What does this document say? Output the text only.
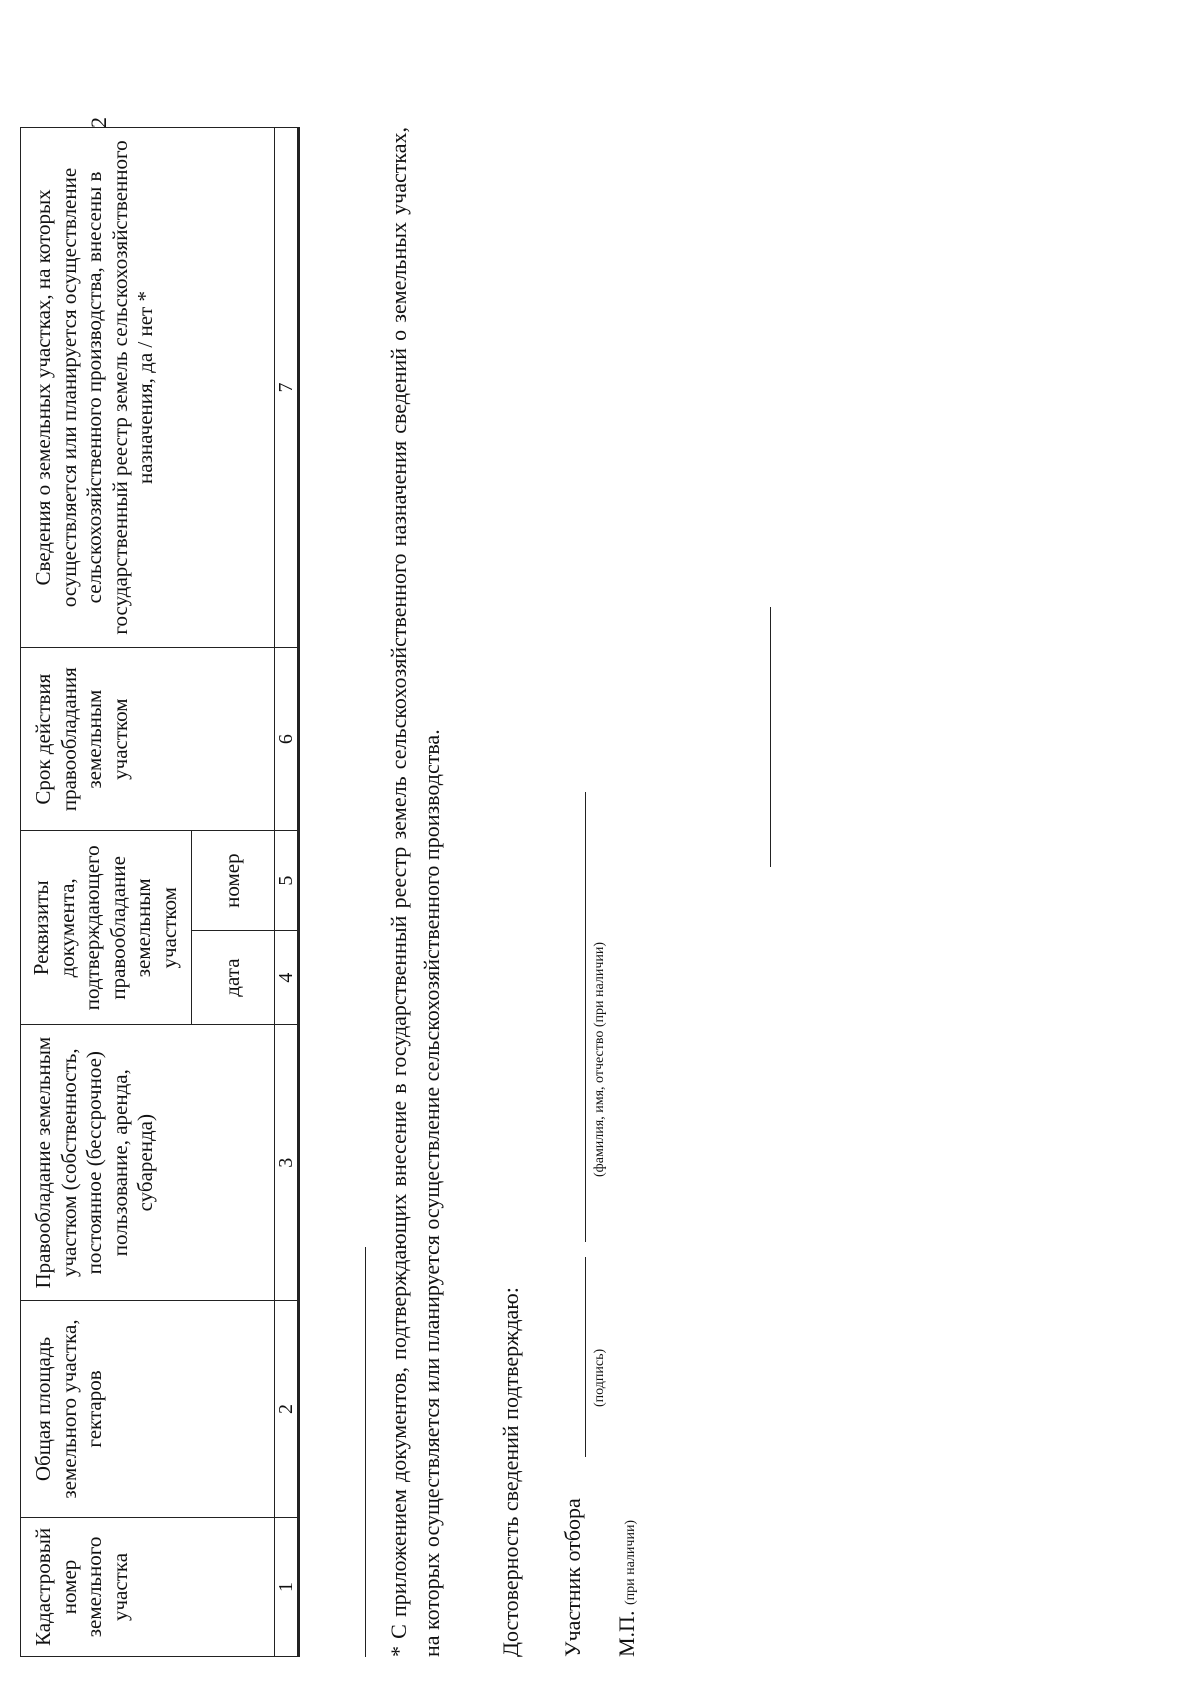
2
Кадастровый номер земельного участка	Общая площадь земельного участка, гектаров	Правообладание земельным участком (собственность, постоянное (бессрочное) пользование, аренда, субаренда)	Реквизиты документа, подтверждающего правообладание земельным участком		Срок действия правообладания земельным участком	Сведения о земельных участках, на которых осуществляется или планируется осуществление сельскохозяйственного производства, внесены в государственный реестр земель сельскохозяйственного назначения, да / нет *
			дата	номер		
1	2	3	4	5	6	7	* С приложением документов, подтверждающих внесение в государственный реестр земель сельскохозяйственного назначения сведений о земельных участках, на которых осуществляется или планируется осуществление сельскохозяйственного производства. Достоверность сведений подтверждаю: Участник отбора
(подпись)
(фамилия, имя, отчество (при наличии)
М.П. (при наличии)
